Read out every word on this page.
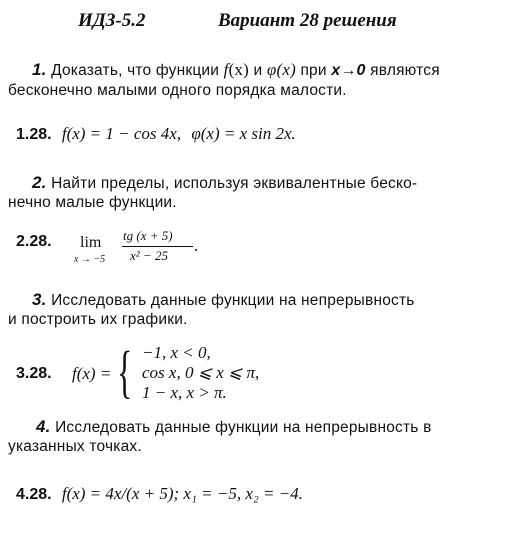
ИДЗ-5.2	Вариант 28 решения
1. Доказать, что функции f(x) и φ(x) при x→0 являются
бесконечно малыми одного порядка малости.
1.28. f(x) = 1 − cos 4x, φ(x) = x sin 2x.
2. Найти пределы, используя эквивалентные беско-
нечно малые функции.
2.28. lim
x → −5
tg (x + 5)
x² − 25
.
3. Исследовать данные функции на непрерывность
и построить их графики.
3.28. f(x) = { −1, x < 0,
cos x, 0 ⩽ x ⩽ π,
1 − x, x > π.
4. Исследовать данные функции на непрерывность в
указанных точках.
4.28. f(x) = 4x/(x + 5); x₁ = −5, x₂ = −4.
